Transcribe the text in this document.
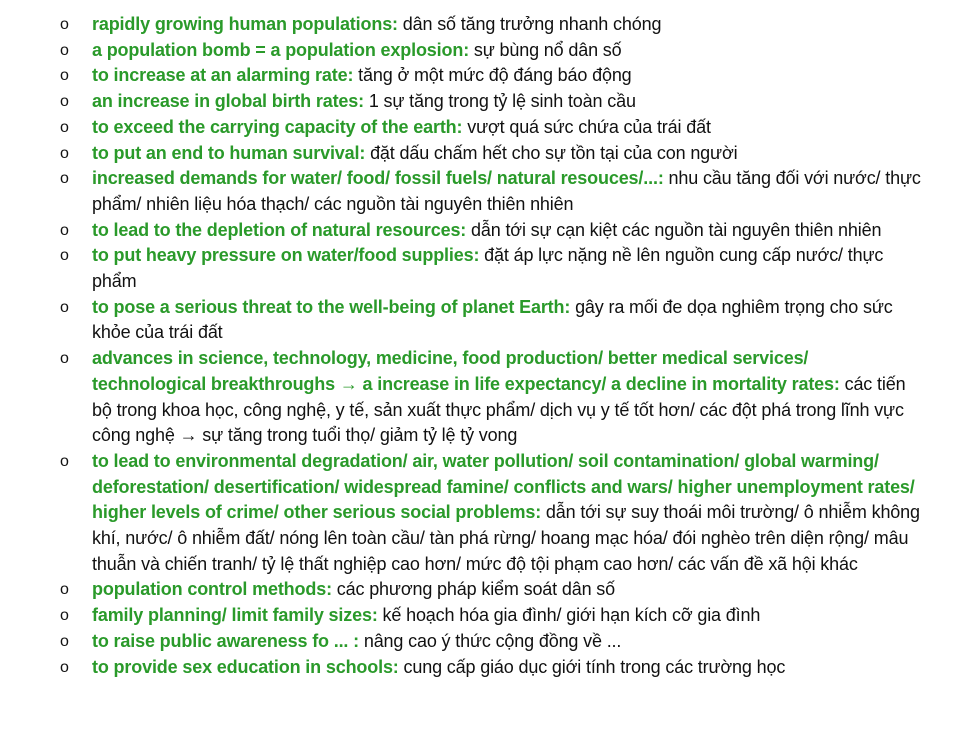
o rapidly growing human populations: dân số tăng trưởng nhanh chóng
o a population bomb = a population explosion: sự bùng nổ dân số
o to increase at an alarming rate: tăng ở một mức độ đáng báo động
o an increase in global birth rates: 1 sự tăng trong tỷ lệ sinh toàn cầu
o to exceed the carrying capacity of the earth: vượt quá sức chứa của trái đất
o to put an end to human survival: đặt dấu chấm hết cho sự tồn tại của con người
o increased demands for water/ food/ fossil fuels/ natural resouces/...: nhu cầu tăng đối với nước/ thực phẩm/ nhiên liệu hóa thạch/ các nguồn tài nguyên thiên nhiên
o to lead to the depletion of natural resources: dẫn tới sự cạn kiệt các nguồn tài nguyên thiên nhiên
o to put heavy pressure on water/food supplies: đặt áp lực nặng nề lên nguồn cung cấp nước/ thực phẩm
o to pose a serious threat to the well-being of planet Earth: gây ra mối đe dọa nghiêm trọng cho sức khỏe của trái đất
o advances in science, technology, medicine, food production/ better medical services/ technological breakthroughs → a increase in life expectancy/ a decline in mortality rates: các tiến bộ trong khoa học, công nghệ, y tế, sản xuất thực phẩm/ dịch vụ y tế tốt hơn/ các đột phá trong lĩnh vực công nghệ → sự tăng trong tuổi thọ/ giảm tỷ lệ tỷ vong
o to lead to environmental degradation/ air, water pollution/ soil contamination/ global warming/ deforestation/ desertification/ widespread famine/ conflicts and wars/ higher unemployment rates/ higher levels of crime/ other serious social problems: dẫn tới sự suy thoái môi trường/ ô nhiễm không khí, nước/ ô nhiễm đất/ nóng lên toàn cầu/ tàn phá rừng/ hoang mạc hóa/ đói nghèo trên diện rộng/ mâu thuẫn và chiến tranh/ tỷ lệ thất nghiệp cao hơn/ mức độ tội phạm cao hơn/ các vấn đề xã hội khác
o population control methods: các phương pháp kiểm soát dân số
o family planning/ limit family sizes: kế hoạch hóa gia đình/ giới hạn kích cỡ gia đình
o to raise public awareness fo ... : nâng cao ý thức cộng đồng về ...
o to provide sex education in schools: cung cấp giáo dục giới tính trong các trường học
